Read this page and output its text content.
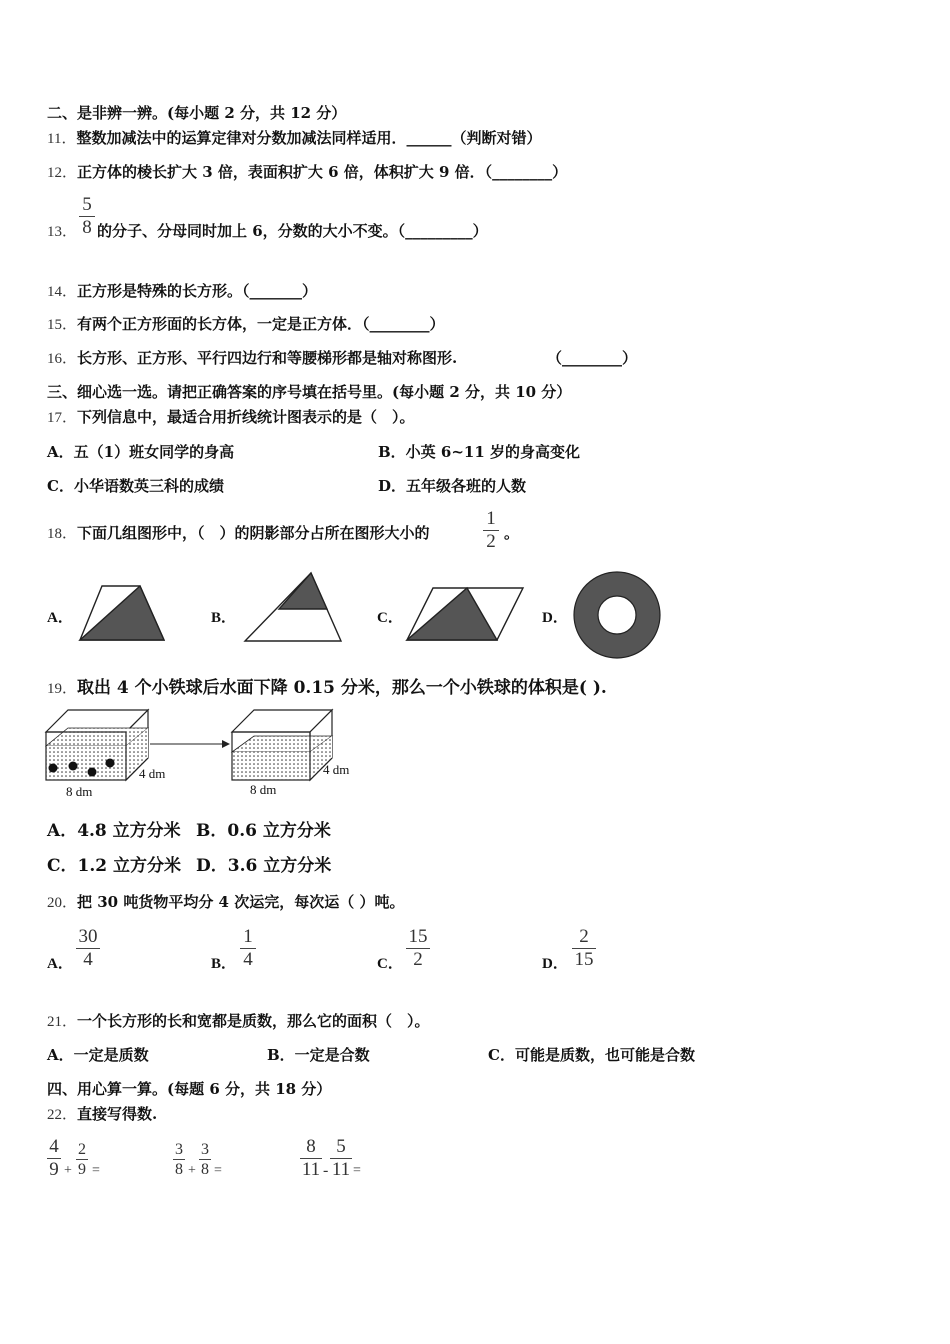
二、是非辨一辨。(每小题 2 分，共 12 分）
11．整数加减法中的运算定律对分数加减法同样适用．______（判断对错）
12．正方体的棱长扩大 3 倍，表面积扩大 6 倍，体积扩大 9 倍．（________）
13．
5
8 的分子、分母同时加上 6，分数的大小不变。（_________）
14．正方形是特殊的长方形。（_______）
15．有两个正方形面的长方体，一定是正方体．（________）
16．长方形、正方形、平行四边行和等腰梯形都是轴对称图形.	（________）
三、细心选一选。请把正确答案的序号填在括号里。(每小题 2 分，共 10 分）
17．下列信息中，最适合用折线统计图表示的是（　）。
A．五（1）班女同学的身高	B．小英 6~11 岁的身高变化
C．小华语数英三科的成绩	D．五年级各班的人数
18．下面几组图形中，（　）的阴影部分占所在图形大小的
1
2 。
A．	B．	C．	D．
19．取出 4 个小铁球后水面下降 0.15 分米，那么一个小铁球的体积是( ).
4 dm
8 dm
4 dm
8 dm
A．4.8 立方分米 B．0.6 立方分米
C．1.2 立方分米 D．3.6 立方分米
20．把 30 吨货物平均分 4 次运完，每次运（ ）吨。
A．
30
4	B．
1
4	C．
15
2	D．
2
15
21．一个长方形的长和宽都是质数，那么它的面积（　）。
A．一定是质数	B．一定是合数	C．可能是质数，也可能是合数
四、用心算一算。(每题 6 分，共 18 分）
22．直接写得数.
4
9 +
2
9 =
3
8 +
3
8 =
8
11 -
5
11 =
